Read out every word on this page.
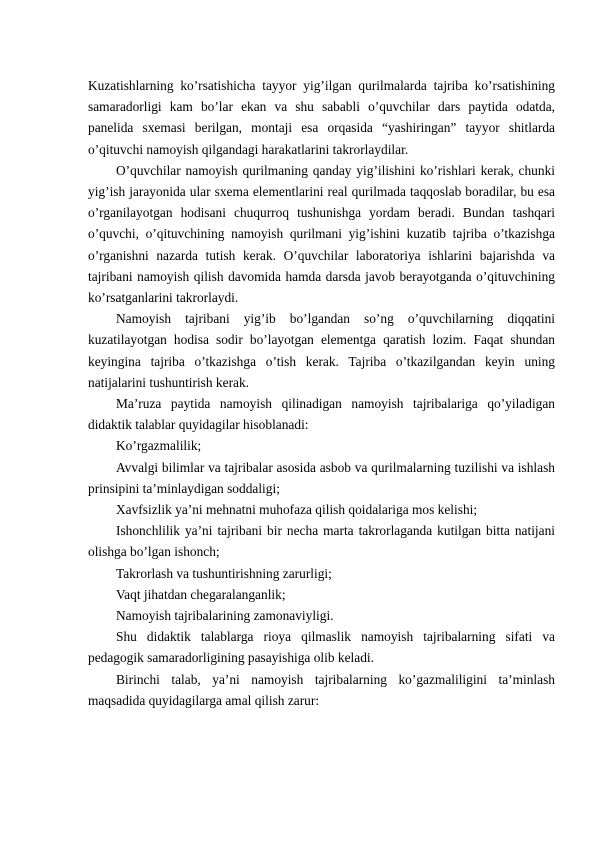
Kuzatishlarning ko’rsatishicha tayyor yig’ilgan qurilmalarda tajriba ko’rsatishining samaradorligi kam bo’lar ekan va shu sababli o’quvchilar dars paytida odatda, panelida sxemasi berilgan, montaji esa orqasida “yashiringan” tayyor shitlarda o’qituvchi namoyish qilgandagi harakatlarini takrorlaydilar.

O’quvchilar namoyish qurilmaning qanday yig’ilishini ko’rishlari kerak, chunki yig’ish jarayonida ular sxema elementlarini real qurilmada taqqoslab boradilar, bu esa o’rganilayotgan hodisani chuqurroq tushunishga yordam beradi. Bundan tashqari o’quvchi, o’qituvchining namoyish qurilmani yig’ishini kuzatib tajriba o’tkazishga o’rganishni nazarda tutish kerak. O’quvchilar laboratoriya ishlarini bajarishda va tajribani namoyish qilish davomida hamda darsda javob berayotganda o’qituvchining ko’rsatganlarini takrorlaydi.

Namoyish tajribani yig’ib bo’lgandan so’ng o’quvchilarning diqqatini kuzatilayotgan hodisa sodir bo’layotgan elementga qaratish lozim. Faqat shundan keyingina tajriba o’tkazishga o’tish kerak. Tajriba o’tkazilgandan keyin uning natijalarini tushuntirish kerak.

Ma’ruza paytida namoyish qilinadigan namoyish tajribalariga qo’yiladigan didaktik talablar quyidagilar hisoblanadi:

Ko’rgazmalilik;

Avvalgi bilimlar va tajribalar asosida asbob va qurilmalarning tuzilishi va ishlash prinsipini ta’minlaydigan soddaligi;

Xavfsizlik ya’ni mehnatni muhofaza qilish qoidalariga mos kelishi;

Ishonchlilik ya’ni tajribani bir necha marta takrorlaganda kutilgan bitta natijani olishga bo’lgan ishonch;

Takrorlash va tushuntirishning zarurligi;

Vaqt jihatdan chegaralanganlik;

Namoyish tajribalarining zamonaviyligi.

Shu didaktik talablarga rioya qilmaslik namoyish tajribalarning sifati va pedagogik samaradorligining pasayishiga olib keladi.

Birinchi talab, ya’ni namoyish tajribalarning ko’gazmaliligini ta’minlash maqsadida quyidagilarga amal qilish zarur:
